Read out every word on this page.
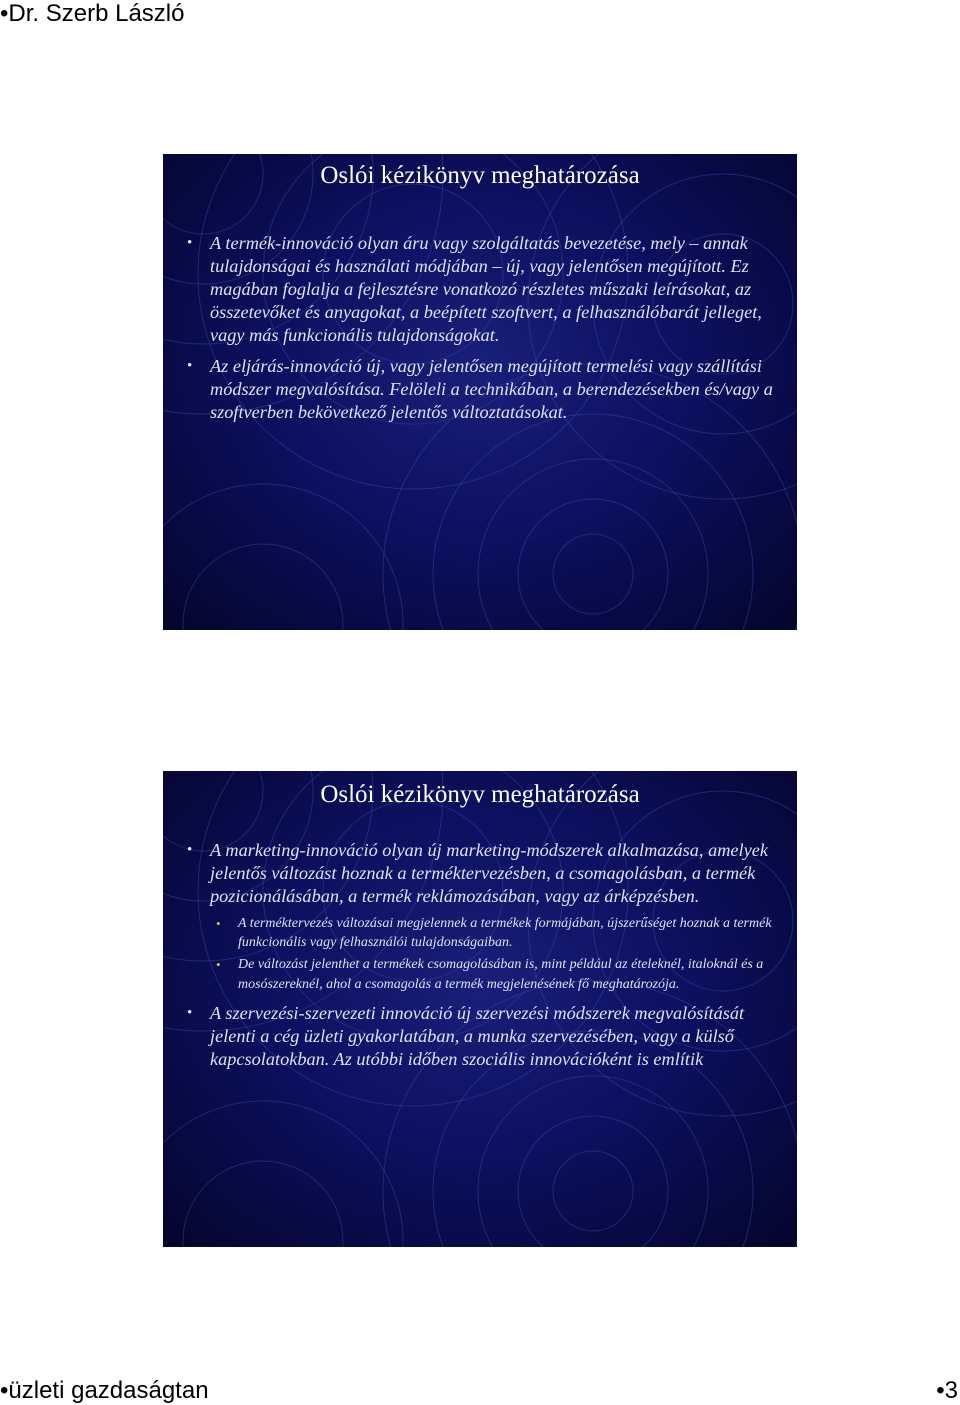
•Dr. Szerb László
Oslói kézikönyv meghatározása
• A termék-innováció olyan áru vagy szolgáltatás bevezetése, mely – annak tulajdonságai és használati módjában – új, vagy jelentősen megújított. Ez magában foglalja a fejlesztésre vonatkozó részletes műszaki leírásokat, az összetevőket és anyagokat, a beépített szoftvert, a felhasználóbarát jelleget, vagy más funkcionális tulajdonságokat.
• Az eljárás-innováció új, vagy jelentősen megújított termelési vagy szállítási módszer megvalósítása. Felöleli a technikában, a berendezésekben és/vagy a szoftverben bekövetkező jelentős változtatásokat.
Oslói kézikönyv meghatározása
• A marketing-innováció olyan új marketing-módszerek alkalmazása, amelyek jelentős változást hoznak a terméktervezésben, a csomagolásban, a termék pozicionálásában, a termék reklámozásában, vagy az árképzésben.
• A terméktervezés változásai megjelennek a termékek formájában, újszerűséget hoznak a termék funkcionális vagy felhasználói tulajdonságaiban.
• De változást jelenthet a termékek csomagolásában is, mint például az ételeknél, italoknál és a mosószereknél, ahol a csomagolás a termék megjelenésének fő meghatározója.
• A szervezési-szervezeti innováció új szervezési módszerek megvalósítását jelenti a cég üzleti gyakorlatában, a munka szervezésében, vagy a külső kapcsolatokban. Az utóbbi időben szociális innovációként is említik
•üzleti gazdaságtan	•3
